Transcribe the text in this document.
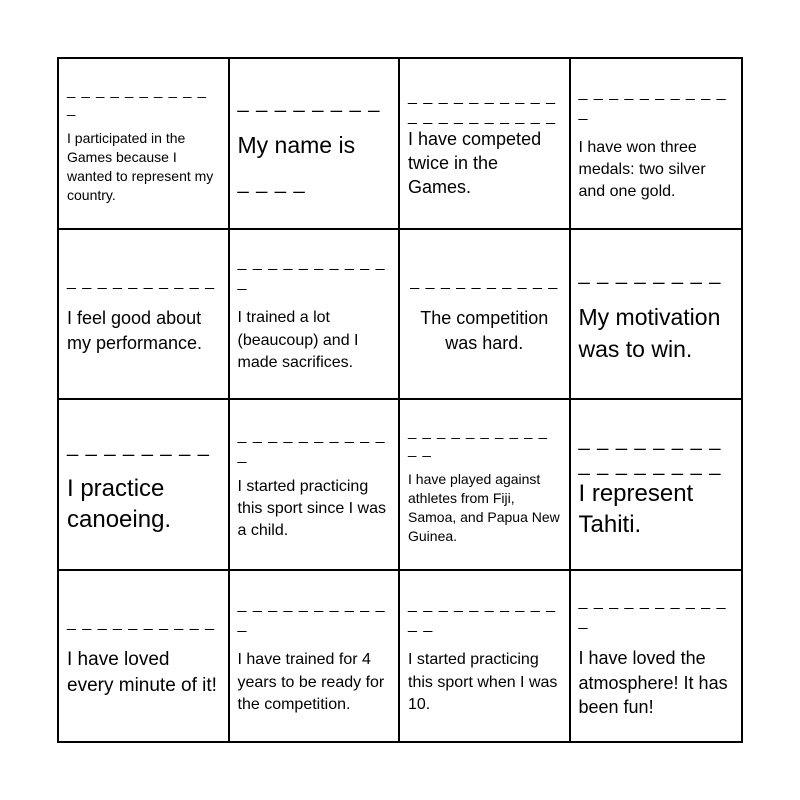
_ _ _ _ _ _ _ _ _ _ _
I participated in the Games because I wanted to represent my country.
_ _ _ _ _ _ _ _
My name is
_ _ _ _
_ _ _ _ _ _ _ _ _ _ _ _ _ _ _ _ _ _ _ _
I have competed twice in the Games.
_ _ _ _ _ _ _ _ _ _ _
I have won three medals: two silver and one gold.
_ _ _ _ _ _ _ _ _ _
I feel good about my performance.
_ _ _ _ _ _ _ _ _ _ _
I trained a lot (beaucoup) and I made sacrifices.
_ _ _ _ _ _ _ _ _ _
The competition was hard.
_ _ _ _ _ _ _ _
My motivation was to win.
_ _ _ _ _ _ _ _
I practice canoeing.
_ _ _ _ _ _ _ _ _ _ _
I started practicing this sport since I was a child.
_ _ _ _ _ _ _ _ _ _ _ _
I have played against athletes from Fiji, Samoa, and Papua New Guinea.
_ _ _ _ _ _ _ _ _ _ _ _ _ _ _ _
I represent Tahiti.
_ _ _ _ _ _ _ _ _ _
I have loved every minute of it!
_ _ _ _ _ _ _ _ _ _ _
I have trained for 4 years to be ready for the competition.
_ _ _ _ _ _ _ _ _ _ _ _
I started practicing this sport when I was 10.
_ _ _ _ _ _ _ _ _ _ _
I have loved the atmosphere! It has been fun!
